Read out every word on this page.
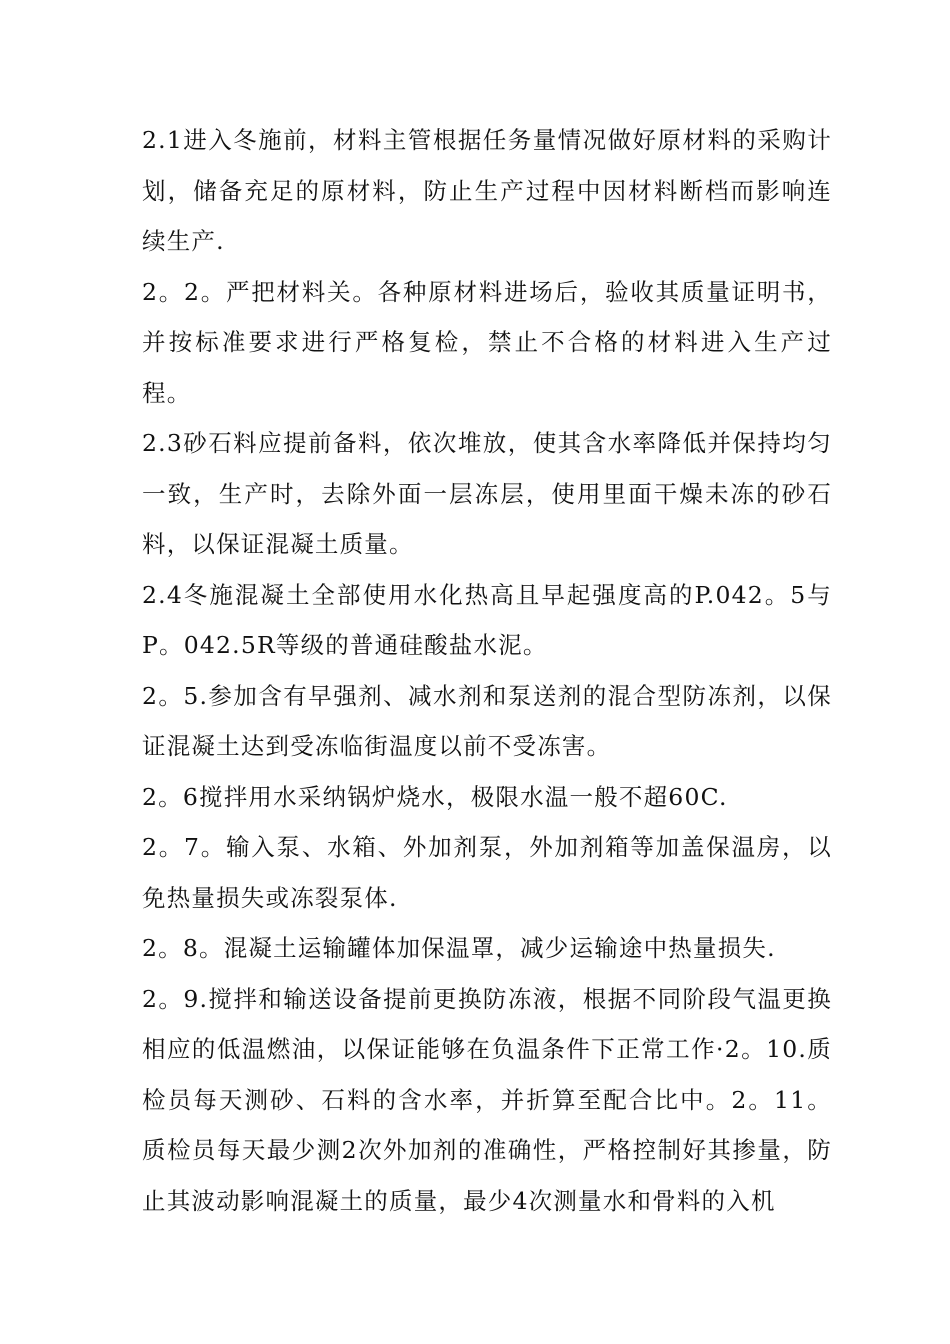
2.1进入冬施前，材料主管根据任务量情况做好原材料的采购计划，储备充足的原材料，防止生产过程中因材料断档而影响连续生产.

2。2。严把材料关。各种原材料进场后，验收其质量证明书，并按标准要求进行严格复检，禁止不合格的材料进入生产过程。

2.3砂石料应提前备料，依次堆放，使其含水率降低并保持均匀一致，生产时，去除外面一层冻层，使用里面干燥未冻的砂石料，以保证混凝土质量。

2.4冬施混凝土全部使用水化热高且早起强度高的P.042。5与P。042.5R等级的普通硅酸盐水泥。

2。5.参加含有早强剂、减水剂和泵送剂的混合型防冻剂，以保证混凝土达到受冻临街温度以前不受冻害。

2。6搅拌用水采纳锅炉烧水，极限水温一般不超60C.

2。7。输入泵、水箱、外加剂泵，外加剂箱等加盖保温房，以免热量损失或冻裂泵体.

2。8。混凝土运输罐体加保温罩，减少运输途中热量损失.

2。9.搅拌和输送设备提前更换防冻液，根据不同阶段气温更换相应的低温燃油，以保证能够在负温条件下正常工作·2。10.质检员每天测砂、石料的含水率，并折算至配合比中。2。11。质检员每天最少测2次外加剂的准确性，严格控制好其掺量，防止其波动影响混凝土的质量，最少4次测量水和骨料的入机
